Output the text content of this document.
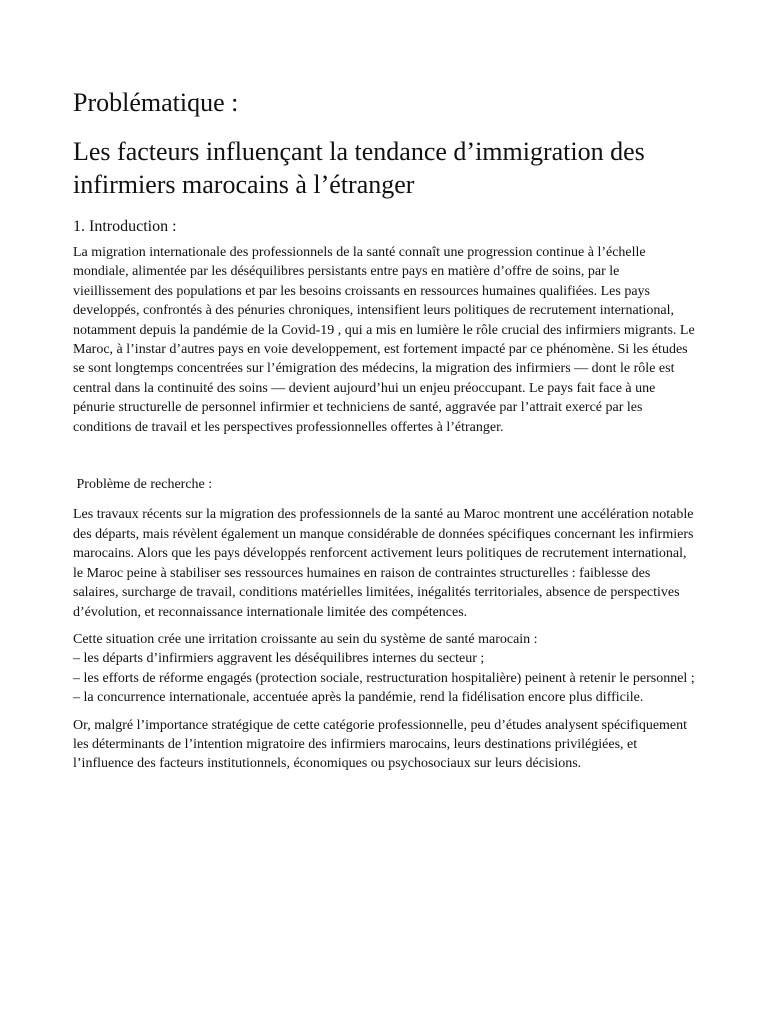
Problématique :
Les facteurs influençant la tendance d’immigration des infirmiers marocains à l’étranger
1. Introduction :

La migration internationale des professionnels de la santé connaît une progression continue à l’échelle mondiale, alimentée par les déséquilibres persistants entre pays en matière d’offre de soins, par le vieillissement des populations et par les besoins croissants en ressources humaines qualifiées. Les pays developpés, confrontés à des pénuries chroniques, intensifient leurs politiques de recrutement international, notamment depuis la pandémie de la Covid-19 , qui a mis en lumière le rôle crucial des infirmiers migrants. Le Maroc, à l’instar d’autres pays en voie developpement, est fortement impacté par ce phénomène. Si les études se sont longtemps concentrées sur l’émigration des médecins, la migration des infirmiers — dont le rôle est central dans la continuité des soins — devient aujourd’hui un enjeu préoccupant. Le pays fait face à une pénurie structurelle de personnel infirmier et techniciens de santé, aggravée par l’attrait exercé par les conditions de travail et les perspectives professionnelles offertes à l’étranger.

Problème de recherche :

Les travaux récents sur la migration des professionnels de la santé au Maroc montrent une accélération notable des départs, mais révèlent également un manque considérable de données spécifiques concernant les infirmiers marocains. Alors que les pays développés renforcent activement leurs politiques de recrutement international, le Maroc peine à stabiliser ses ressources humaines en raison de contraintes structurelles : faiblesse des salaires, surcharge de travail, conditions matérielles limitées, inégalités territoriales, absence de perspectives d’évolution, et reconnaissance internationale limitée des compétences.

Cette situation crée une irritation croissante au sein du système de santé marocain :
– les départs d’infirmiers aggravent les déséquilibres internes du secteur ;
– les efforts de réforme engagés (protection sociale, restructuration hospitalière) peinent à retenir le personnel ;
– la concurrence internationale, accentuée après la pandémie, rend la fidélisation encore plus difficile.

Or, malgré l’importance stratégique de cette catégorie professionnelle, peu d’études analysent spécifiquement les déterminants de l’intention migratoire des infirmiers marocains, leurs destinations privilégiées, et l’influence des facteurs institutionnels, économiques ou psychosociaux sur leurs décisions.
